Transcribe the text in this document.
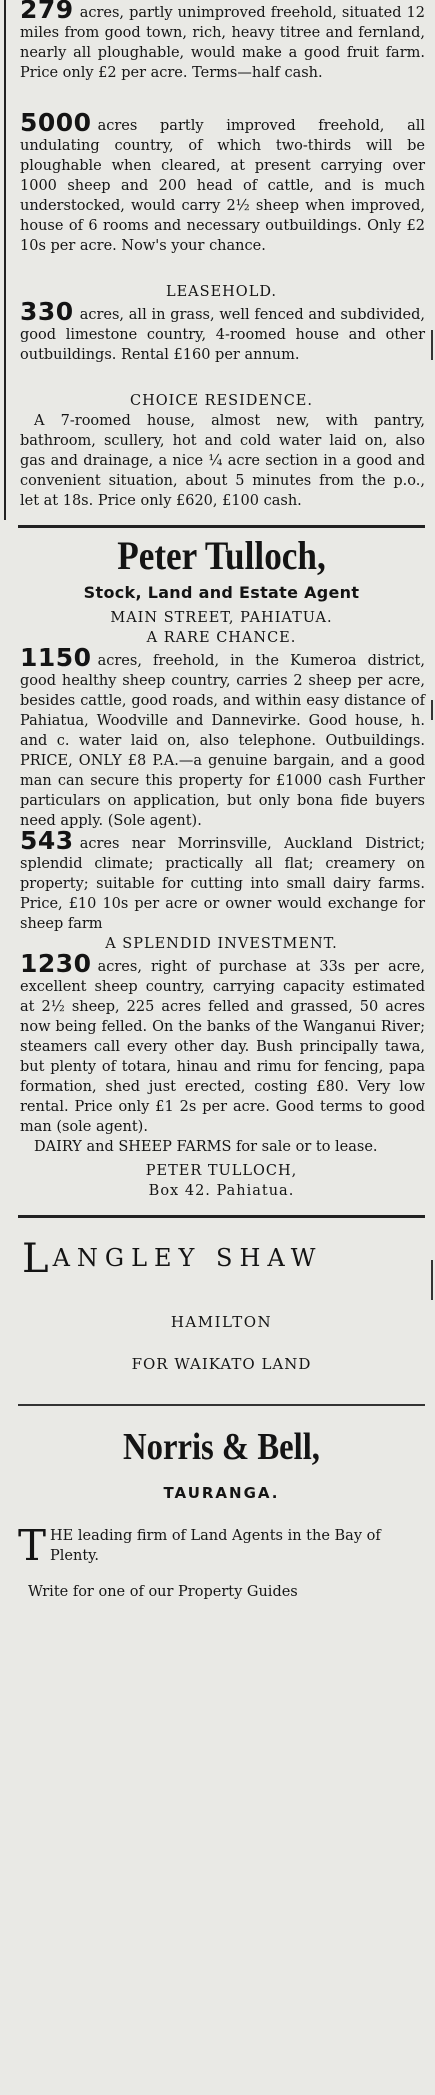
279 acres, partly unimproved freehold, situated 12 miles from good town, rich, heavy titree and fernland, nearly all ploughable, would make a good fruit farm. Price only £2 per acre. Terms—half cash.

5000 acres partly improved freehold, all undulating country, of which two-thirds will be ploughable when cleared, at present carrying over 1000 sheep and 200 head of cattle, and is much understocked, would carry 2½ sheep when improved, house of 6 rooms and necessary outbuildings. Only £2 10s per acre. Now's your chance.

LEASEHOLD.

330 acres, all in grass, well fenced and subdivided, good limestone country, 4-roomed house and other outbuildings. Rental £160 per annum.

CHOICE RESIDENCE.

A 7-roomed house, almost new, with pantry, bathroom, scullery, hot and cold water laid on, also gas and drainage, a nice ¼ acre section in a good and convenient situation, about 5 minutes from the p.o., let at 18s. Price only £620, £100 cash.

Peter Tulloch,
Stock, Land and Estate Agent

MAIN STREET, PAHIATUA.

A RARE CHANCE.

1150 acres, freehold, in the Kumeroa district, good healthy sheep country, carries 2 sheep per acre, besides cattle, good roads, and within easy distance of Pahiatua, Woodville and Dannevirke. Good house, h. and c. water laid on, also telephone. Outbuildings. PRICE, ONLY £8 P.A.—a genuine bargain, and a good man can secure this property for £1000 cash Further particulars on application, but only bona fide buyers need apply. (Sole agent).

543 acres near Morrinsville, Auckland District; splendid climate; practically all flat; creamery on property; suitable for cutting into small dairy farms. Price, £10 10s per acre or owner would exchange for sheep farm

A SPLENDID INVESTMENT.

1230 acres, right of purchase at 33s per acre, excellent sheep country, carrying capacity estimated at 2½ sheep, 225 acres felled and grassed, 50 acres now being felled. On the banks of the Wanganui River; steamers call every other day. Bush principally tawa, but plenty of totara, hinau and rimu for fencing, papa formation, shed just erected, costing £80. Very low rental. Price only £1 2s per acre. Good terms to good man (sole agent).

DAIRY and SHEEP FARMS for sale or to lease.

PETER TULLOCH,

Box 42. Pahiatua.

LANGLEY SHAW

HAMILTON

FOR WAIKATO LAND

Norris & Bell,
TAURANGA.

THE leading firm of Land Agents in the Bay of Plenty.

Write for one of our Property Guides
